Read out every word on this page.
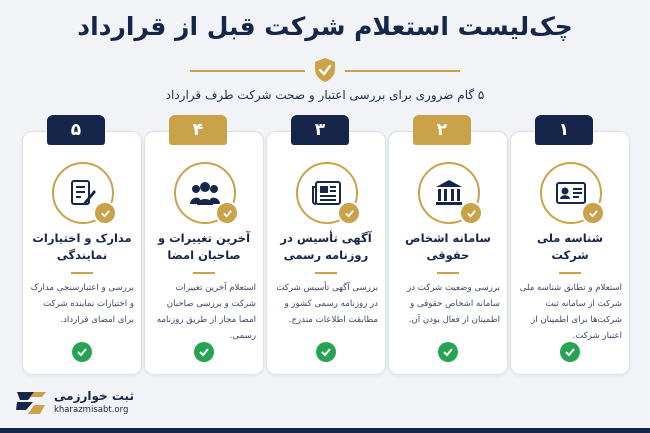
چک‌لیست استعلام شرکت قبل از قرارداد
۵ گام ضروری برای بررسی اعتبار و صحت شرکت طرف قرارداد
۵
مدارک و اختیارات نمایندگی
بررسی و اعتبارسنجی مدارک و اختیارات نماینده شرکت برای امضای قرارداد.
۴
آخرین تغییرات و صاحبان امضا
استعلام آخرین تغییرات شرکت و بررسی صاحبان امضا مجاز از طریق روزنامه رسمی.
۳
آگهی تأسیس در روزنامه رسمی
بررسی آگهی تأسیس شرکت در روزنامه رسمی کشور و مطابقت اطلاعات مندرج.
۲
سامانه اشخاص حقوقی
بررسی وضعیت شرکت در سامانه اشخاص حقوقی و اطمینان از فعال بودن آن.
۱
شناسه ملی شرکت
استعلام و تطابق شناسه ملی شرکت از سامانه ثبت شرکت‌ها برای اطمینان از اعتبار شرکت.
ثبت خوارزمی
kharazmisabt.org
